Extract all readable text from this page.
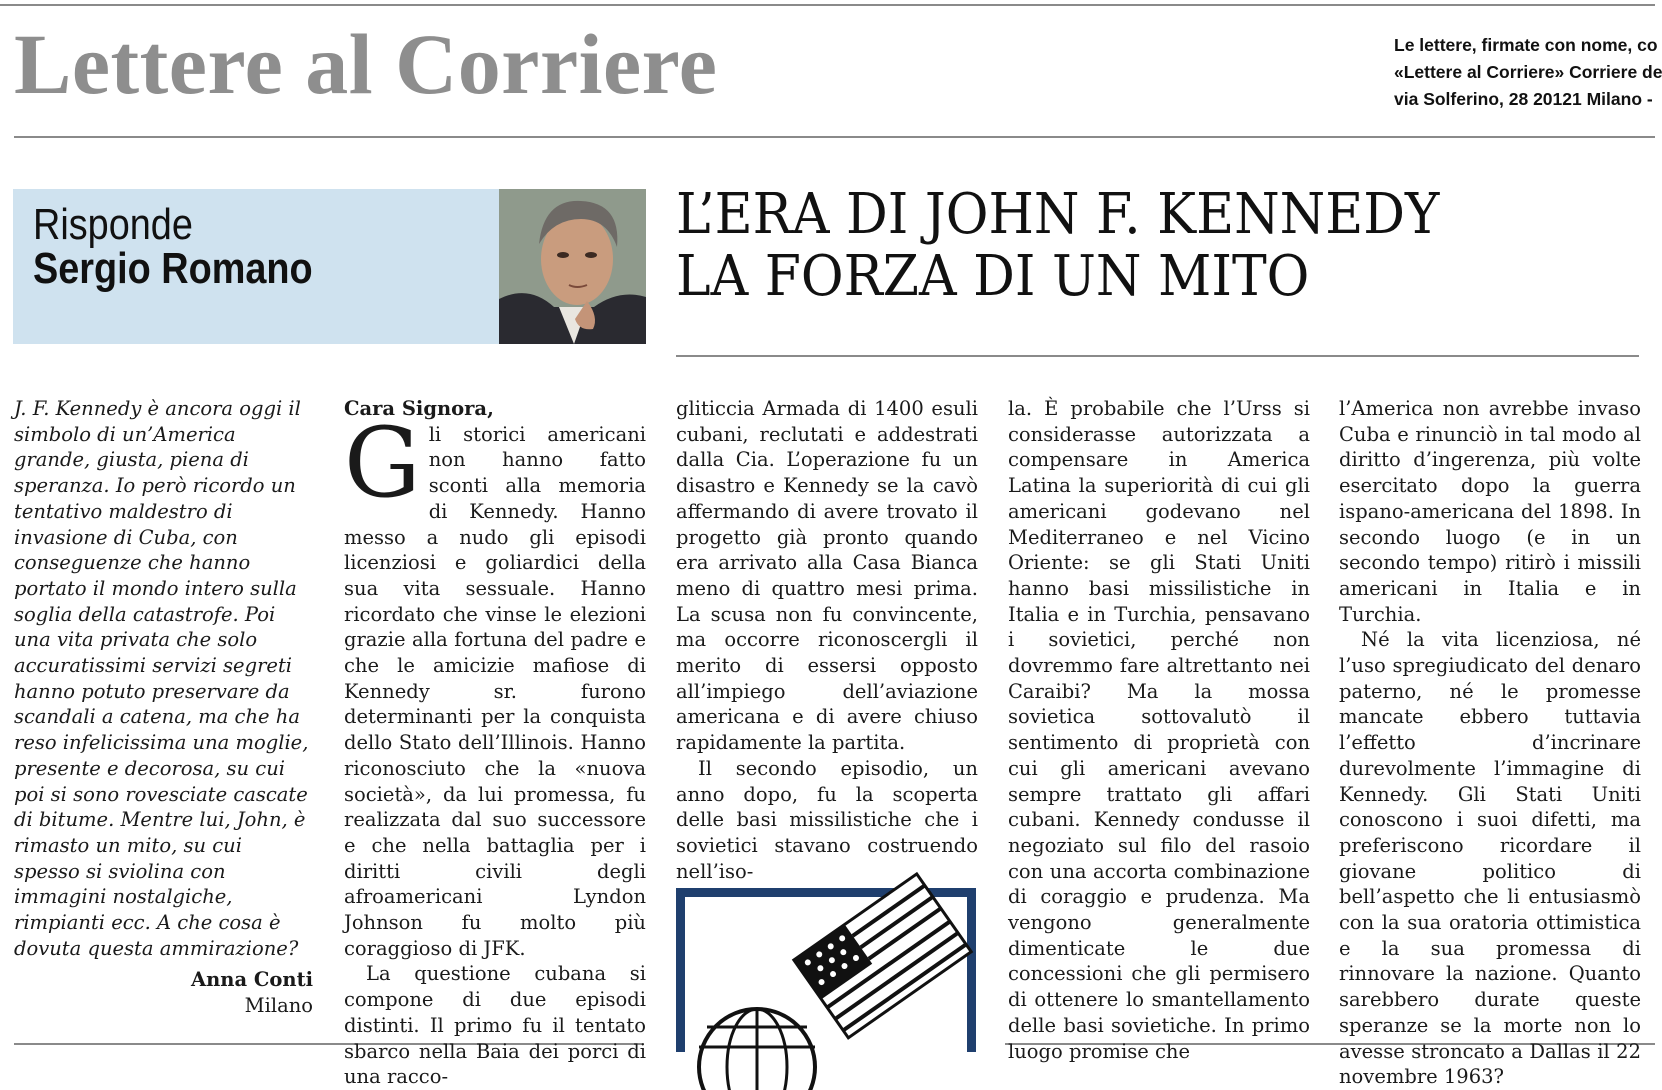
Lettere al Corriere	Le lettere, firmate con nome, co
«Lettere al Corriere» Corriere de
via Solferino, 28 20121 Milano -
Risponde
Sergio Romano
L’ERA DI JOHN F. KENNEDY
LA FORZA DI UN MITO
J. F. Kennedy è ancora oggi il
simbolo di un’America
grande, giusta, piena di
speranza. Io però ricordo un
tentativo maldestro di
invasione di Cuba, con
conseguenze che hanno
portato il mondo intero sulla
soglia della catastrofe. Poi
una vita privata che solo
accuratissimi servizi segreti
hanno potuto preservare da
scandali a catena, ma che ha
reso infelicissima una moglie,
presente e decorosa, su cui
poi si sono rovesciate cascate
di bitume. Mentre lui, John, è
rimasto un mito, su cui
spesso si sviolina con
immagini nostalgiche,
rimpianti ecc. A che cosa è
dovuta questa ammirazione?
Anna Conti
Milano
Cara Signora,

Gli storici americani non hanno fatto sconti alla memoria di Kennedy. Hanno messo a nudo gli episodi licenziosi e goliardici della sua vita sessuale. Hanno ricordato che vinse le elezioni grazie alla fortuna del padre e che le amicizie mafiose di Kennedy sr. furono determinanti per la conquista dello Stato dell’Illinois. Hanno riconosciuto che la «nuova società», da lui promessa, fu realizzata dal suo successore e che nella battaglia per i diritti civili degli afroamericani Lyndon Johnson fu molto più coraggioso di JFK.

La questione cubana si compone di due episodi distinti. Il primo fu il tentato sbarco nella Baia dei porci di una racco-

gliticcia Armada di 1400 esuli cubani, reclutati e addestrati dalla Cia. L’operazione fu un disastro e Kennedy se la cavò affermando di avere trovato il progetto già pronto quando era arrivato alla Casa Bianca meno di quattro mesi prima. La scusa non fu convincente, ma occorre riconoscergli il merito di essersi opposto all’impiego dell’aviazione americana e di avere chiuso rapidamente la partita.

Il secondo episodio, un anno dopo, fu la scoperta delle basi missilistiche che i sovietici stavano costruendo nell’iso-

la. È probabile che l’Urss si considerasse autorizzata a compensare in America Latina la superiorità di cui gli americani godevano nel Mediterraneo e nel Vicino Oriente: se gli Stati Uniti hanno basi missilistiche in Italia e in Turchia, pensavano i sovietici, perché non dovremmo fare altrettanto nei Caraibi? Ma la mossa sovietica sottovalutò il sentimento di proprietà con cui gli americani avevano sempre trattato gli affari cubani. Kennedy condusse il negoziato sul filo del rasoio con una accorta combinazione di coraggio e prudenza. Ma vengono generalmente dimenticate le due concessioni che gli permisero di ottenere lo smantellamento delle basi sovietiche. In primo luogo promise che

l’America non avrebbe invaso Cuba e rinunciò in tal modo al diritto d’ingerenza, più volte esercitato dopo la guerra ispano-americana del 1898. In secondo luogo (e in un secondo tempo) ritirò i missili americani in Italia e in Turchia.

Né la vita licenziosa, né l’uso spregiudicato del denaro paterno, né le promesse mancate ebbero tuttavia l’effetto d’incrinare durevolmente l’immagine di Kennedy. Gli Stati Uniti conoscono i suoi difetti, ma preferiscono ricordare il giovane politico di bell’aspetto che li entusiasmò con la sua oratoria ottimistica e la sua promessa di rinnovare la nazione. Quanto sarebbero durate queste speranze se la morte non lo avesse stroncato a Dallas il 22 novembre 1963?
